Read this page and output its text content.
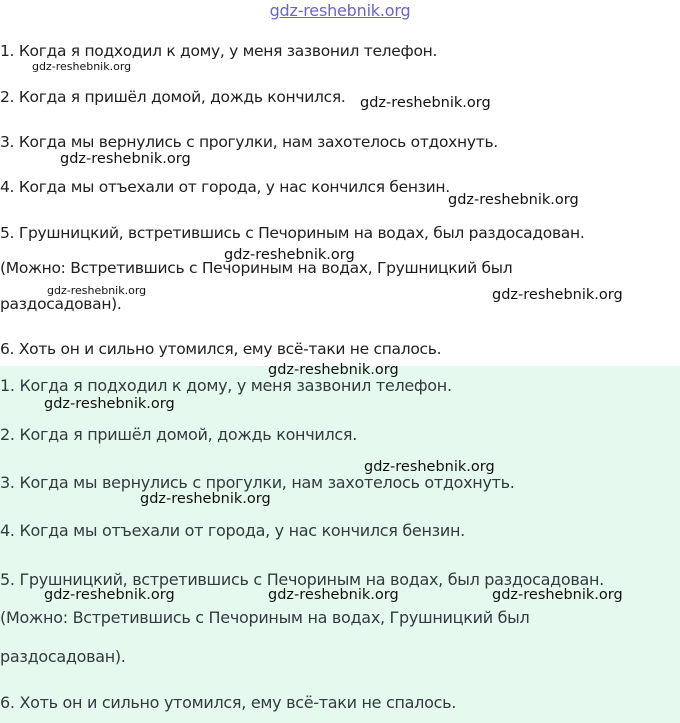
gdz-reshebnik.org
1. Когда я подходил к дому, у меня зазвонил телефон.
2. Когда я пришёл домой, дождь кончился.
3. Когда мы вернулись с прогулки, нам захотелось отдохнуть.
4. Когда мы отъехали от города, у нас кончился бензин.
5. Грушницкий, встретившись с Печориным на водах, был раздосадован.
(Можно: Встретившись с Печориным на водах, Грушницкий был
раздосадован).
6. Хоть он и сильно утомился, ему всё-таки не спалось.
1. Когда я подходил к дому, у меня зазвонил телефон.
2. Когда я пришёл домой, дождь кончился.
3. Когда мы вернулись с прогулки, нам захотелось отдохнуть.
4. Когда мы отъехали от города, у нас кончился бензин.
5. Грушницкий, встретившись с Печориным на водах, был раздосадован.
(Можно: Встретившись с Печориным на водах, Грушницкий был
раздосадован).
6. Хоть он и сильно утомился, ему всё-таки не спалось.
gdz-reshebnik.org
gdz-reshebnik.org
gdz-reshebnik.org
gdz-reshebnik.org
gdz-reshebnik.org
gdz-reshebnik.org	gdz-reshebnik.org
gdz-reshebnik.org
gdz-reshebnik.org
gdz-reshebnik.org
gdz-reshebnik.org
gdz-reshebnik.org	gdz-reshebnik.org	gdz-reshebnik.org
